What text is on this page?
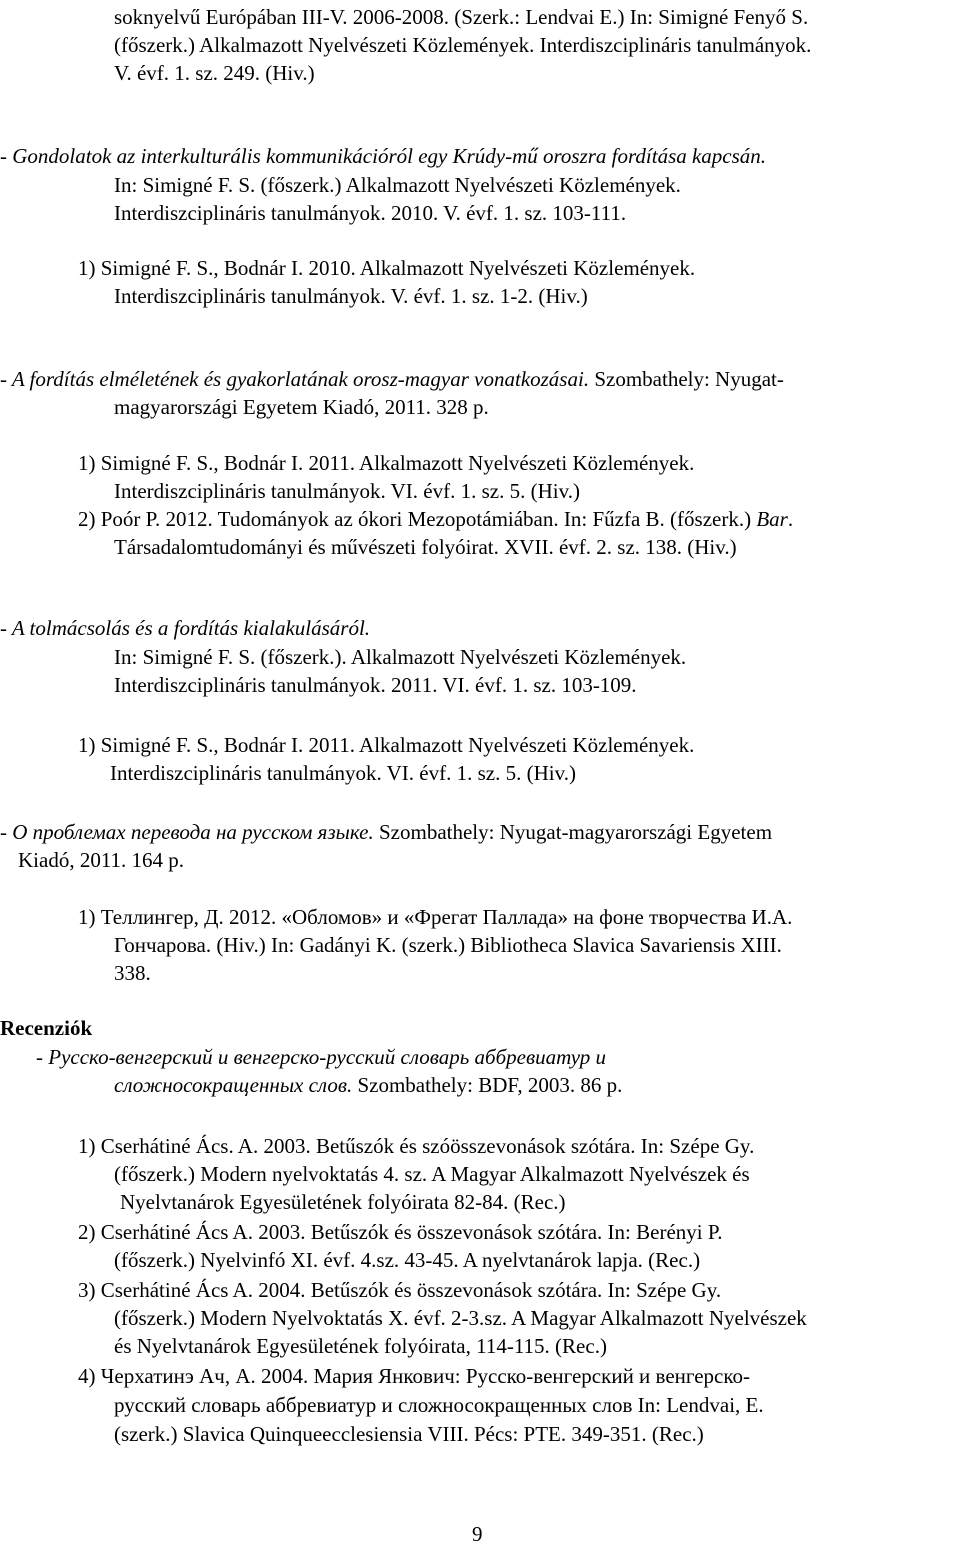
soknyelvű Európában III-V. 2006-2008. (Szerk.: Lendvai E.) In: Simigné Fenyő S.
(főszerk.) Alkalmazott Nyelvészeti Közlemények. Interdiszciplináris tanulmányok.
V. évf. 1. sz. 249. (Hiv.)
- Gondolatok az interkulturális kommunikációról egy Krúdy-mű oroszra fordítása kapcsán.
In: Simigné F. S. (főszerk.) Alkalmazott Nyelvészeti Közlemények.
Interdiszciplináris tanulmányok. 2010. V. évf. 1. sz. 103-111.
1) Simigné F. S., Bodnár I. 2010. Alkalmazott Nyelvészeti Közlemények.
Interdiszciplináris tanulmányok. V. évf. 1. sz. 1-2. (Hiv.)
- A fordítás elméletének és gyakorlatának orosz-magyar vonatkozásai. Szombathely: Nyugat-
magyarországi Egyetem Kiadó, 2011. 328 p.
1) Simigné F. S., Bodnár I. 2011. Alkalmazott Nyelvészeti Közlemények.
Interdiszciplináris tanulmányok. VI. évf. 1. sz. 5. (Hiv.)
2) Poór P. 2012. Tudományok az ókori Mezopotámiában. In: Fűzfa B. (főszerk.) Bar.
Társadalomtudományi és művészeti folyóirat. XVII. évf. 2. sz. 138. (Hiv.)
- A tolmácsolás és a fordítás kialakulásáról.
In: Simigné F. S. (főszerk.). Alkalmazott Nyelvészeti Közlemények.
Interdiszciplináris tanulmányok. 2011. VI. évf. 1. sz. 103-109.
1) Simigné F. S., Bodnár I. 2011. Alkalmazott Nyelvészeti Közlemények.
Interdiszciplináris tanulmányok. VI. évf. 1. sz. 5. (Hiv.)
- О проблемах перевода на русском языке. Szombathely: Nyugat-magyarországi Egyetem
Kiadó, 2011. 164 p.
1) Теллингер, Д. 2012. «Обломов» и «Фрегат Паллада» на фоне творчества И.А.
Гончарова. (Hiv.) In: Gadányi K. (szerk.) Bibliotheca Slavica Savariensis XIII.
338.
- Русско-венгерский и венгерско-русский словарь аббревиатур и
сложносокращенных слов. Szombathely: BDF, 2003. 86 p.
1) Cserhátiné Ács. A. 2003. Betűszók és szóösszevonások szótára. In: Szépe Gy.
(főszerk.) Modern nyelvoktatás 4. sz. A Magyar Alkalmazott Nyelvészek és
Nyelvtanárok Egyesületének folyóirata 82-84. (Rec.)
2) Cserhátiné Ács A. 2003. Betűszók és összevonások szótára. In: Berényi P.
(főszerk.) Nyelvinfó XI. évf. 4.sz. 43-45. A nyelvtanárok lapja. (Rec.)
3) Cserhátiné Ács A. 2004. Betűszók és összevonások szótára. In: Szépe Gy.
(főszerk.) Modern Nyelvoktatás X. évf. 2-3.sz. A Magyar Alkalmazott Nyelvészek
és Nyelvtanárok Egyesületének folyóirata, 114-115. (Rec.)
4) Черхатинэ Ач, А. 2004. Мария Янкович: Русско-венгерский и венгерско-
русский словарь аббревиатур и сложносокращенных слов In: Lendvai, E.
(szerk.) Slavica Quinqueecclesiensia VIII. Pécs: PTE. 349-351. (Rec.)
Recenziók
9
